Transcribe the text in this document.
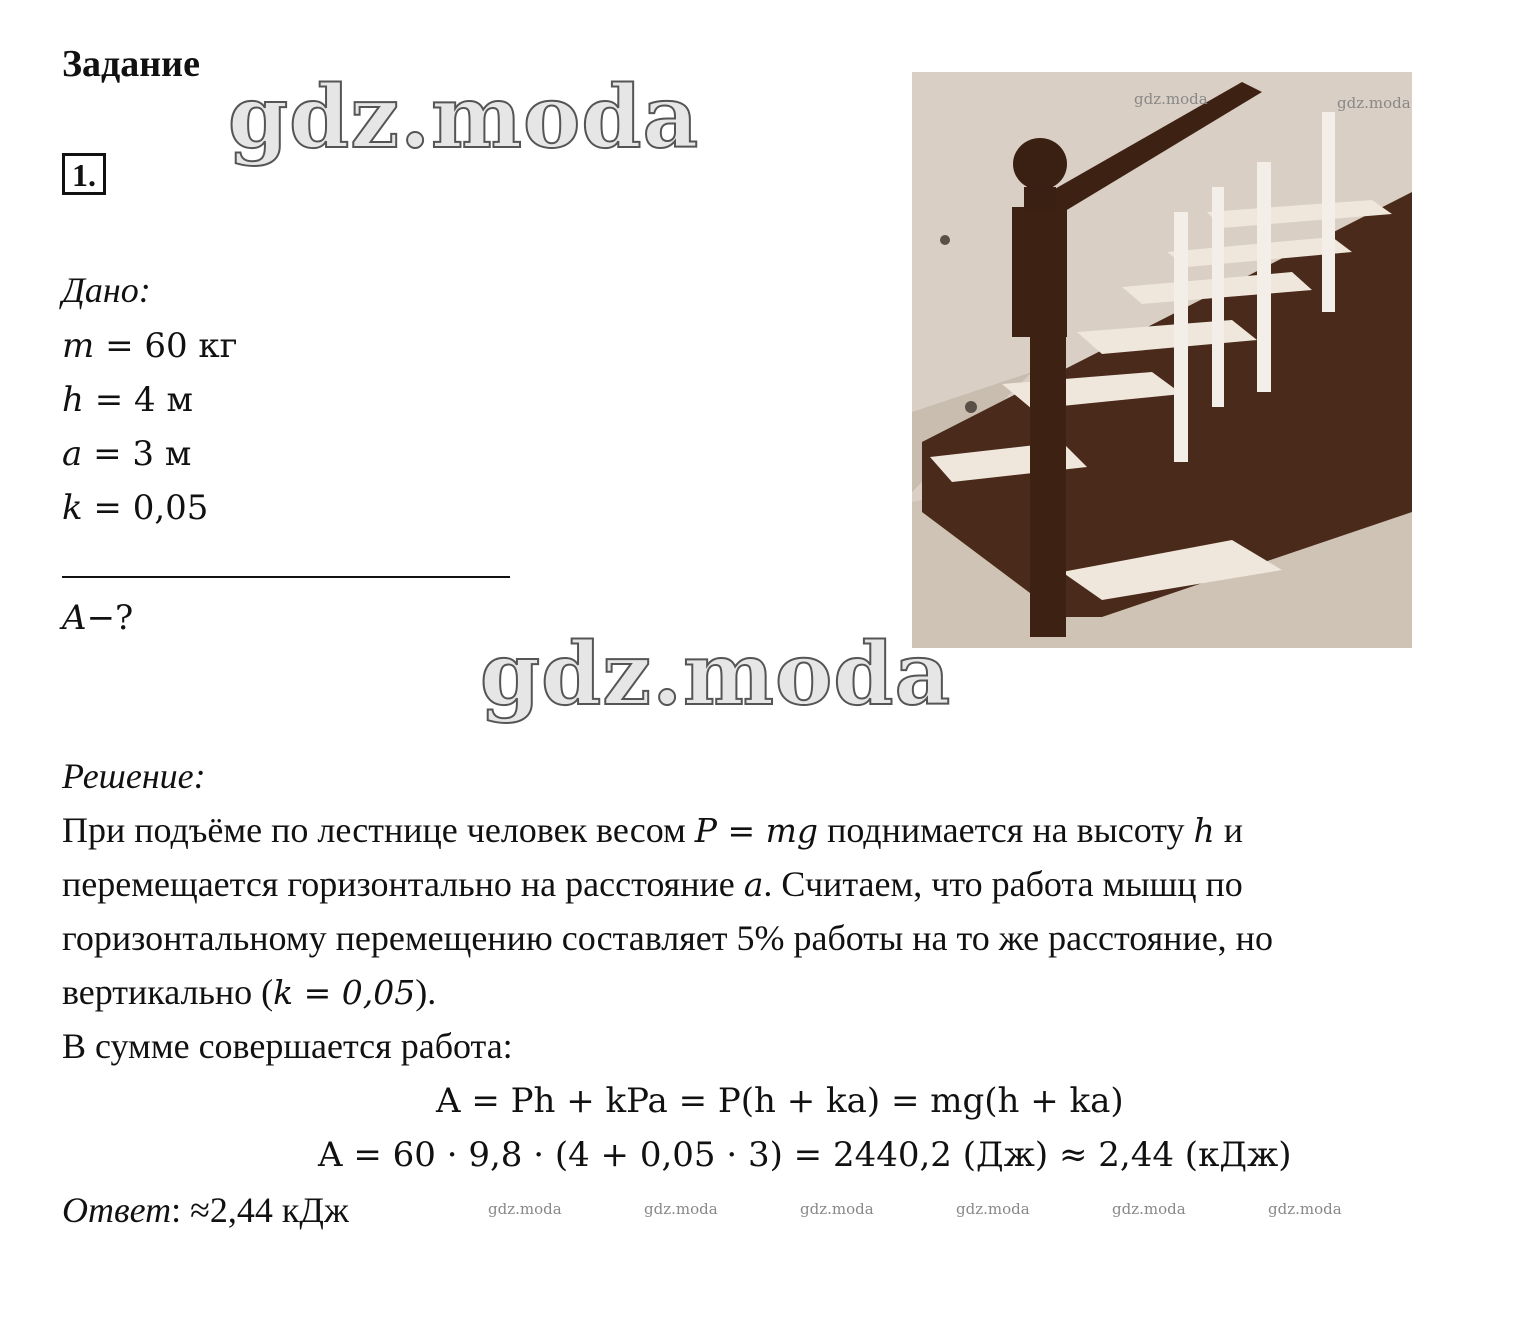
Задание
1.
Дано:
m = 60 кг
h = 4 м
a = 3 м
k = 0,05
A−?
gdz.moda	gdz.moda
gdz.moda
gdz.moda
Решение:
При подъёме по лестнице человек весом P = mg поднимается на высоту h и
перемещается горизонтально на расстояние a. Считаем, что работа мышц по
горизонтальному перемещению составляет 5% работы на то же расстояние, но
вертикально (k = 0,05).
В сумме совершается работа:
A = Ph + kPa = P(h + ka) = mg(h + ka)
A = 60 · 9,8 · (4 + 0,05 · 3) = 2440,2 (Дж) ≈ 2,44 (кДж)
Ответ: ≈2,44 кДж	gdz.moda	gdz.moda	gdz.moda	gdz.moda	gdz.moda	gdz.moda
